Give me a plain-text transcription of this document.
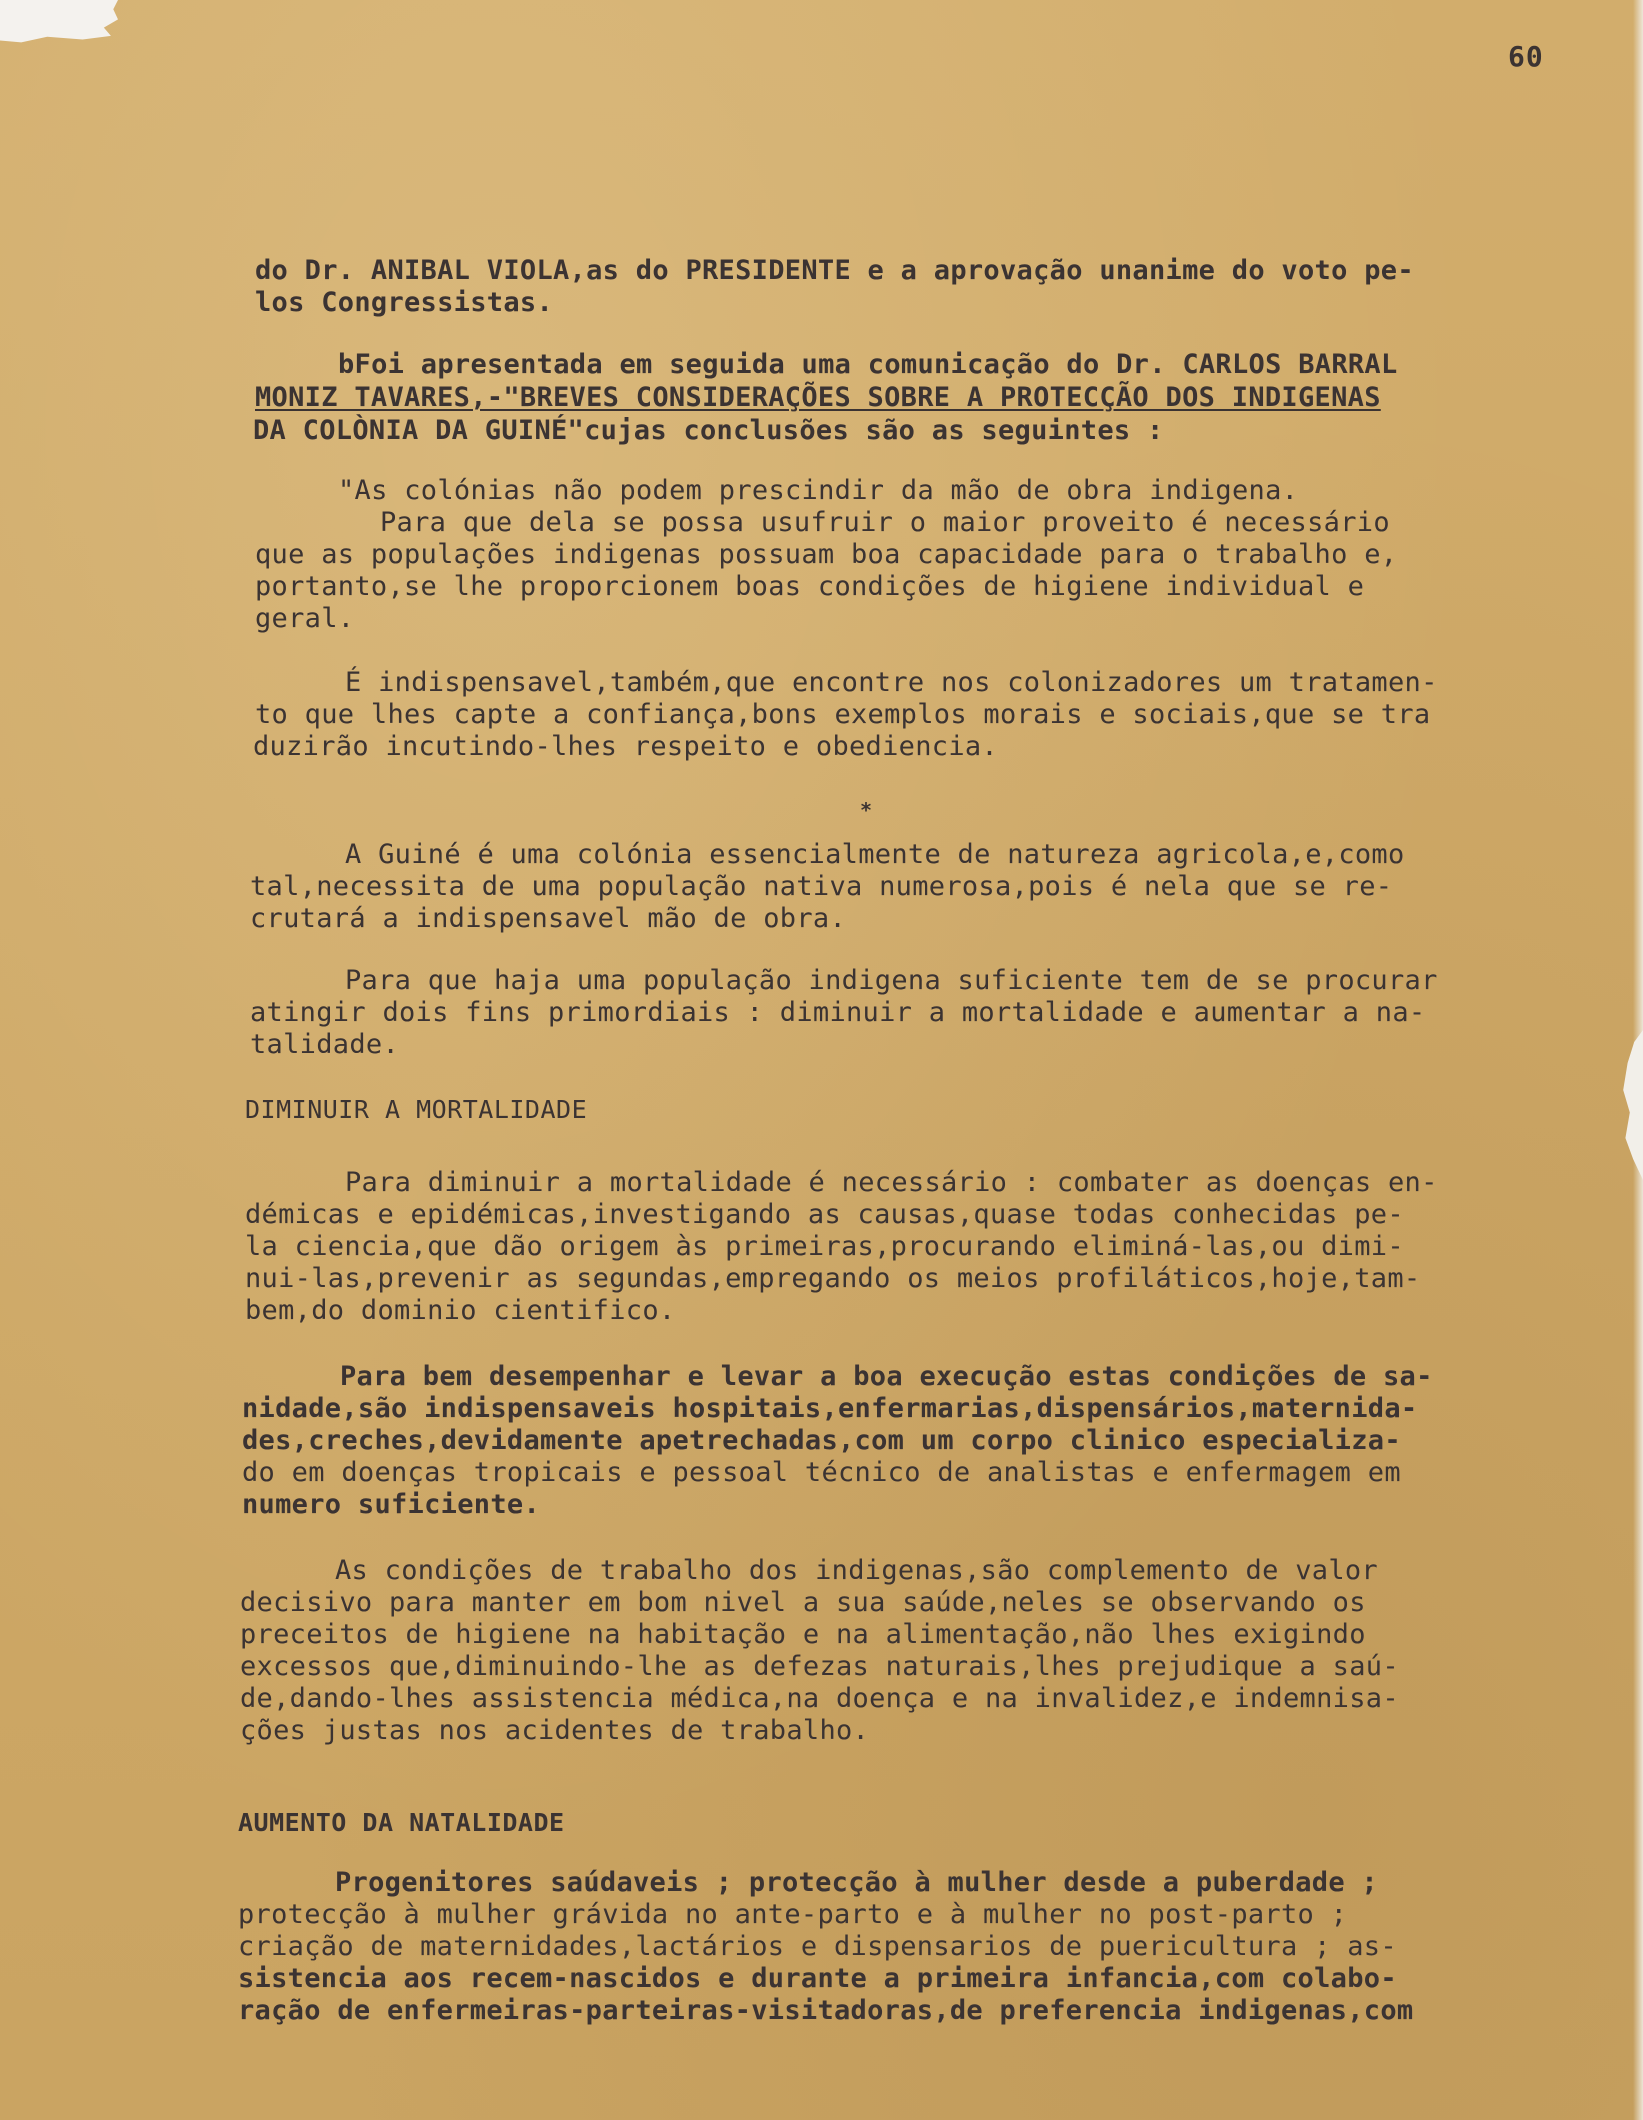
60
do Dr. ANIBAL VIOLA,as do PRESIDENTE e a aprovação unanime do voto pe-
los Congressistas.
bFoi apresentada em seguida uma comunicação do Dr. CARLOS BARRAL
MONIZ TAVARES,-"BREVES CONSIDERAÇÕES SOBRE A PROTECÇÃO DOS INDIGENAS
DA COLÒNIA DA GUINÉ"cujas conclusões são as seguintes :
"As colónias não podem prescindir da mão de obra indigena.
Para que dela se possa usufruir o maior proveito é necessário
que as populações indigenas possuam boa capacidade para o trabalho e,
portanto,se lhe proporcionem boas condições de higiene individual e
geral.
É indispensavel,também,que encontre nos colonizadores um tratamen-
to que lhes capte a confiança,bons exemplos morais e sociais,que se tra
duzirão incutindo-lhes respeito e obediencia.
*
A Guiné é uma colónia essencialmente de natureza agricola,e,como
tal,necessita de uma população nativa numerosa,pois é nela que se re-
crutará a indispensavel mão de obra.
Para que haja uma população indigena suficiente tem de se procurar
atingir dois fins primordiais : diminuir a mortalidade e aumentar a na-
talidade.
DIMINUIR A MORTALIDADE
Para diminuir a mortalidade é necessário : combater as doenças en-
démicas e epidémicas,investigando as causas,quase todas conhecidas pe-
la ciencia,que dão origem às primeiras,procurando eliminá-las,ou dimi-
nui-las,prevenir as segundas,empregando os meios profiláticos,hoje,tam-
bem,do dominio cientifico.
Para bem desempenhar e levar a boa execução estas condições de sa-
nidade,são indispensaveis hospitais,enfermarias,dispensários,maternida-
des,creches,devidamente apetrechadas,com um corpo clinico especializa-
do em doenças tropicais e pessoal técnico de analistas e enfermagem em
numero suficiente.
As condições de trabalho dos indigenas,são complemento de valor
decisivo para manter em bom nivel a sua saúde,neles se observando os
preceitos de higiene na habitação e na alimentação,não lhes exigindo
excessos que,diminuindo-lhe as defezas naturais,lhes prejudique a saú-
de,dando-lhes assistencia médica,na doença e na invalidez,e indemnisa-
ções justas nos acidentes de trabalho.
AUMENTO DA NATALIDADE
Progenitores saúdaveis ; protecção à mulher desde a puberdade ;
protecção à mulher grávida no ante-parto e à mulher no post-parto ;
criação de maternidades,lactários e dispensarios de puericultura ; as-
sistencia aos recem-nascidos e durante a primeira infancia,com colabo-
ração de enfermeiras-parteiras-visitadoras,de preferencia indigenas,com
